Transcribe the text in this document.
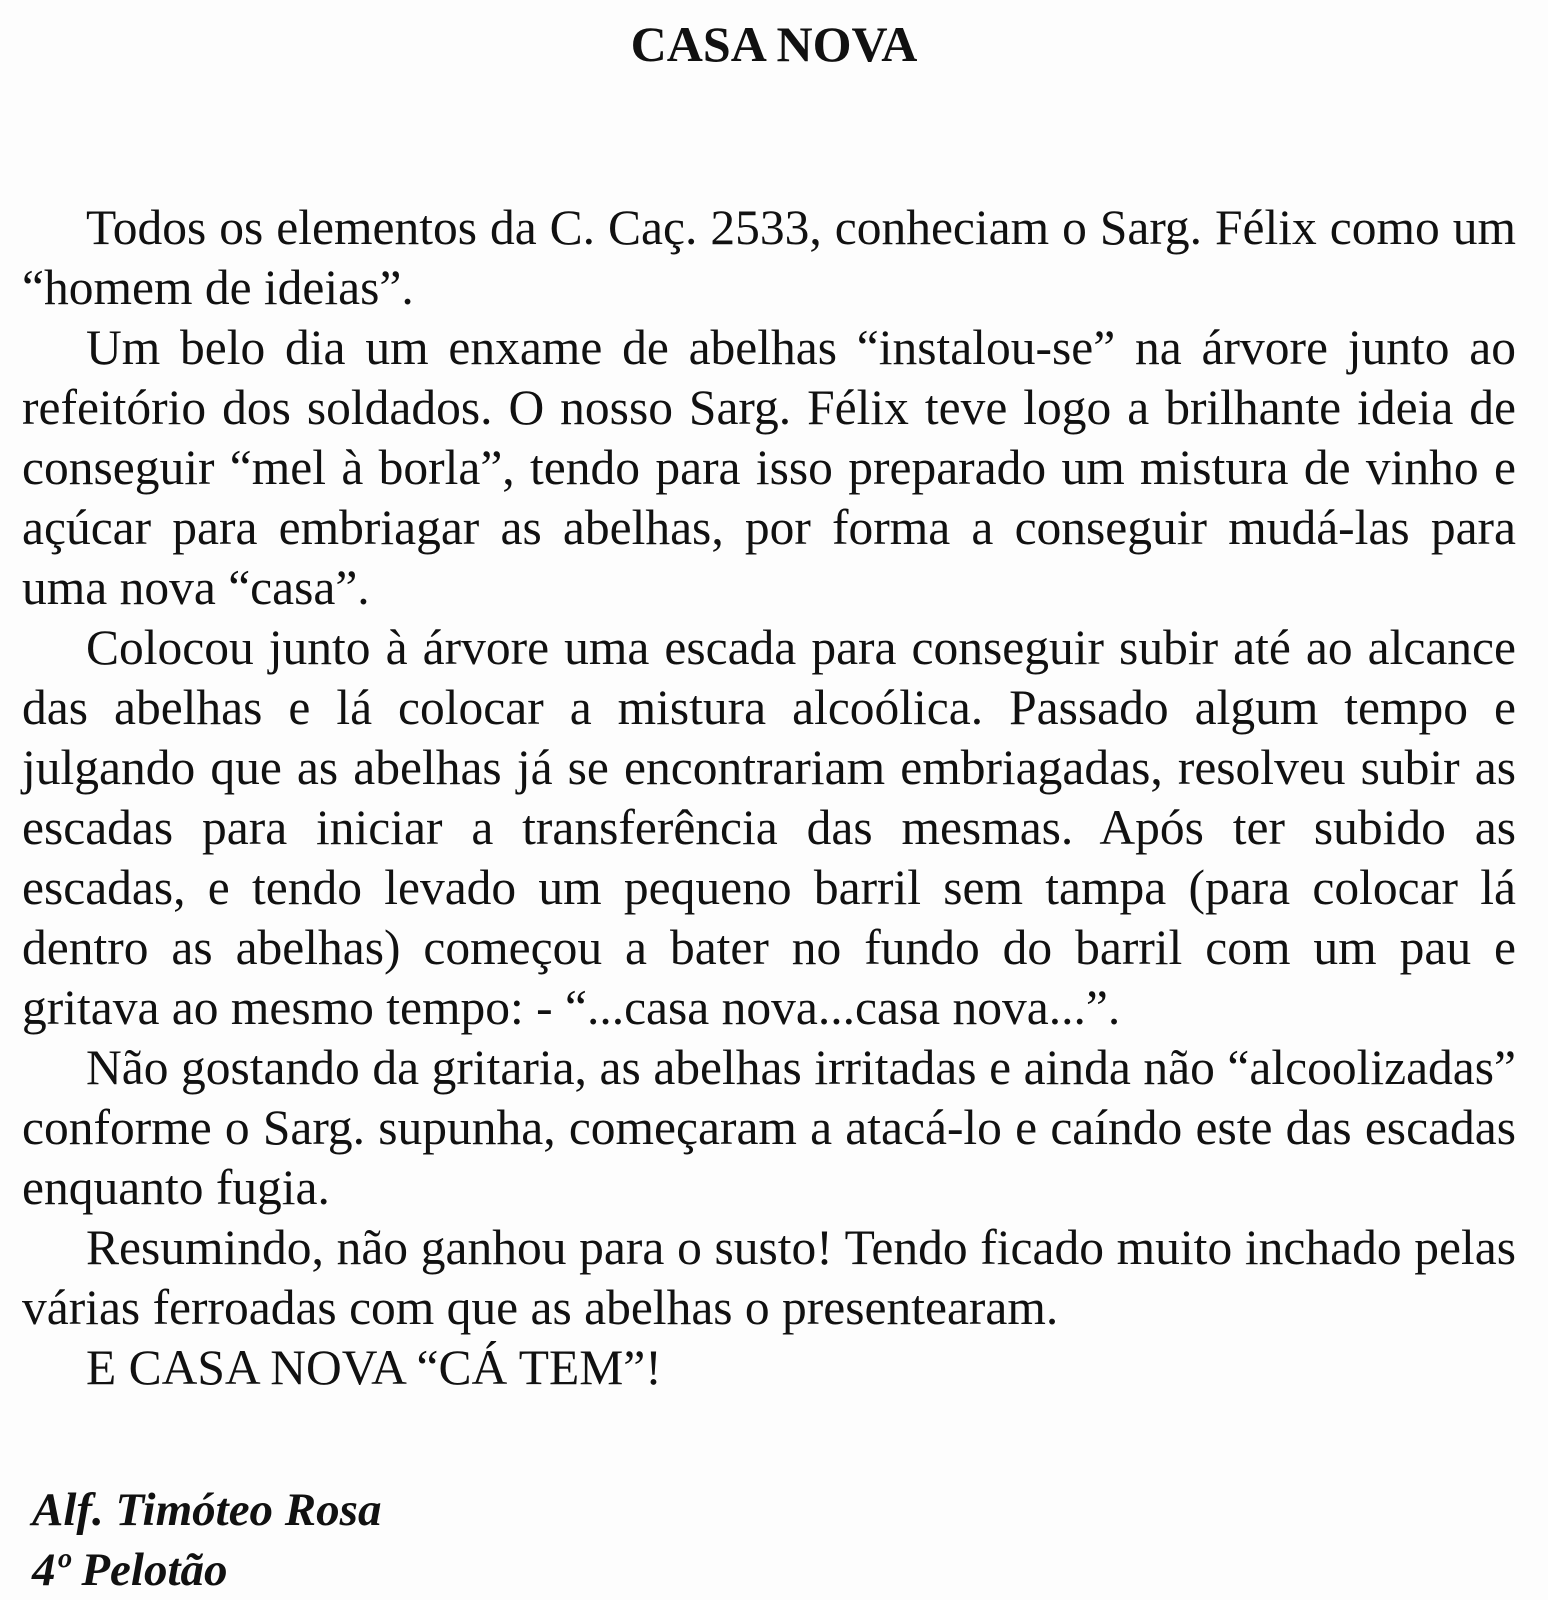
CASA NOVA

Todos os elementos da C. Caç. 2533, conheciam o Sarg. Félix como um “homem de ideias”.

Um belo dia um enxame de abelhas “instalou-se” na árvore junto ao refeitório dos soldados. O nosso Sarg. Félix teve logo a brilhante ideia de conseguir “mel à borla”, tendo para isso preparado um mistura de vinho e açúcar para embriagar as abelhas, por forma a conseguir mudá-las para uma nova “casa”.

Colocou junto à árvore uma escada para conseguir subir até ao alcance das abelhas e lá colocar a mistura alcoólica. Passado algum tempo e julgando que as abelhas já se encontrariam embriagadas, resolveu subir as escadas para iniciar a transferência das mesmas. Após ter subido as escadas, e tendo levado um pequeno barril sem tampa (para colocar lá dentro as abelhas) começou a bater no fundo do barril com um pau e gritava ao mesmo tempo: - “...casa nova...casa nova...”.

Não gostando da gritaria, as abelhas irritadas e ainda não “alcoolizadas” conforme o Sarg. supunha, começaram a atacá-lo e caíndo este das escadas enquanto fugia.

Resumindo, não ganhou para o susto! Tendo ficado muito inchado pelas várias ferroadas com que as abelhas o presentearam.

E CASA NOVA “CÁ TEM”!

Alf. Timóteo Rosa
4º Pelotão
